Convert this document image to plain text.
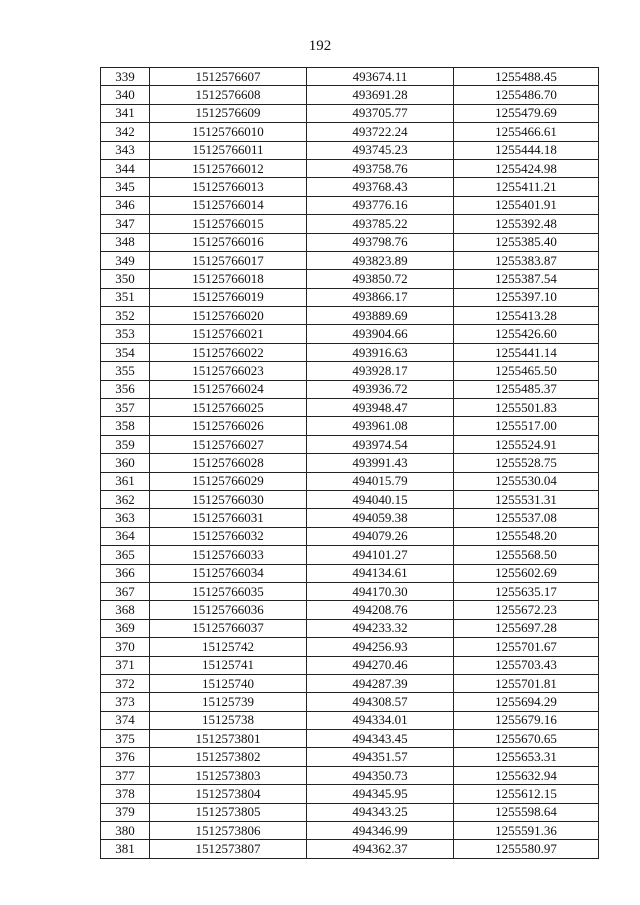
192
339	1512576607	493674.11	1255488.45
340	1512576608	493691.28	1255486.70
341	1512576609	493705.77	1255479.69
342	15125766010	493722.24	1255466.61
343	15125766011	493745.23	1255444.18
344	15125766012	493758.76	1255424.98
345	15125766013	493768.43	1255411.21
346	15125766014	493776.16	1255401.91
347	15125766015	493785.22	1255392.48
348	15125766016	493798.76	1255385.40
349	15125766017	493823.89	1255383.87
350	15125766018	493850.72	1255387.54
351	15125766019	493866.17	1255397.10
352	15125766020	493889.69	1255413.28
353	15125766021	493904.66	1255426.60
354	15125766022	493916.63	1255441.14
355	15125766023	493928.17	1255465.50
356	15125766024	493936.72	1255485.37
357	15125766025	493948.47	1255501.83
358	15125766026	493961.08	1255517.00
359	15125766027	493974.54	1255524.91
360	15125766028	493991.43	1255528.75
361	15125766029	494015.79	1255530.04
362	15125766030	494040.15	1255531.31
363	15125766031	494059.38	1255537.08
364	15125766032	494079.26	1255548.20
365	15125766033	494101.27	1255568.50
366	15125766034	494134.61	1255602.69
367	15125766035	494170.30	1255635.17
368	15125766036	494208.76	1255672.23
369	15125766037	494233.32	1255697.28
370	15125742	494256.93	1255701.67
371	15125741	494270.46	1255703.43
372	15125740	494287.39	1255701.81
373	15125739	494308.57	1255694.29
374	15125738	494334.01	1255679.16
375	1512573801	494343.45	1255670.65
376	1512573802	494351.57	1255653.31
377	1512573803	494350.73	1255632.94
378	1512573804	494345.95	1255612.15
379	1512573805	494343.25	1255598.64
380	1512573806	494346.99	1255591.36
381	1512573807	494362.37	1255580.97
